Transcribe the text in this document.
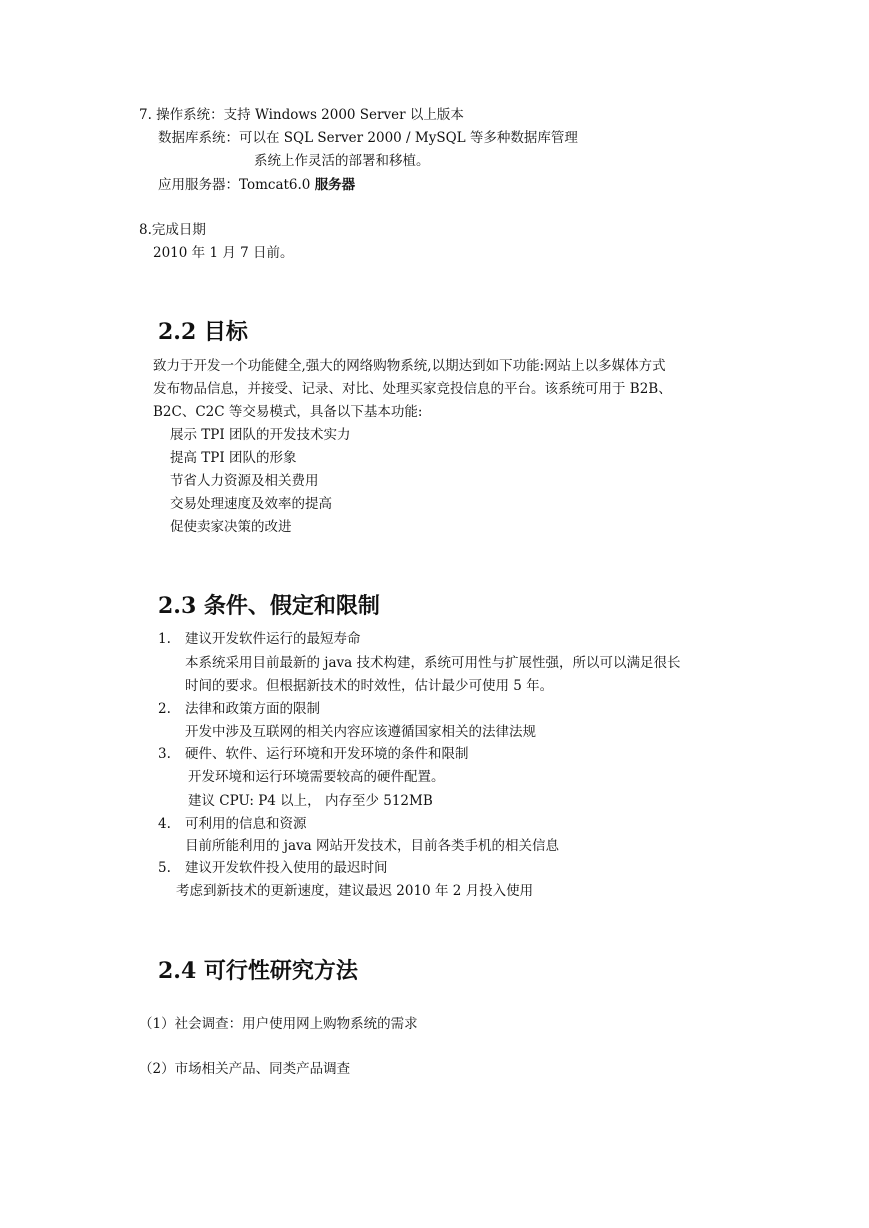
7. 操作系统：支持 Windows 2000 Server 以上版本

数据库系统：可以在 SQL Server 2000 / MySQL 等多种数据库管理

系统上作灵活的部署和移植。

应用服务器：Tomcat6.0 服务器

8.完成日期

2010 年 1 月 7 日前。

2.2 目标

致力于开发一个功能健全,强大的网络购物系统,以期达到如下功能:网站上以多媒体方式

发布物品信息，并接受、记录、对比、处理买家竞投信息的平台。该系统可用于 B2B、

B2C、C2C 等交易模式，具备以下基本功能:

展示 TPI 团队的开发技术实力

提高 TPI 团队的形象

节省人力资源及相关费用

交易处理速度及效率的提高

促使卖家决策的改进

2.3 条件、假定和限制
1. 建议开发软件运行的最短寿命

本系统采用目前最新的 java 技术构建，系统可用性与扩展性强，所以可以满足很长

时间的要求。但根据新技术的时效性，估计最少可使用 5 年。

2. 法律和政策方面的限制

开发中涉及互联网的相关内容应该遵循国家相关的法律法规

3. 硬件、软件、运行环境和开发环境的条件和限制

开发环境和运行环境需要较高的硬件配置。

建议 CPU: P4 以上， 内存至少 512MB

4. 可利用的信息和资源

目前所能利用的 java 网站开发技术，目前各类手机的相关信息

5. 建议开发软件投入使用的最迟时间

考虑到新技术的更新速度，建议最迟 2010 年 2 月投入使用

2.4 可行性研究方法

（1）社会调查：用户使用网上购物系统的需求

（2）市场相关产品、同类产品调查
